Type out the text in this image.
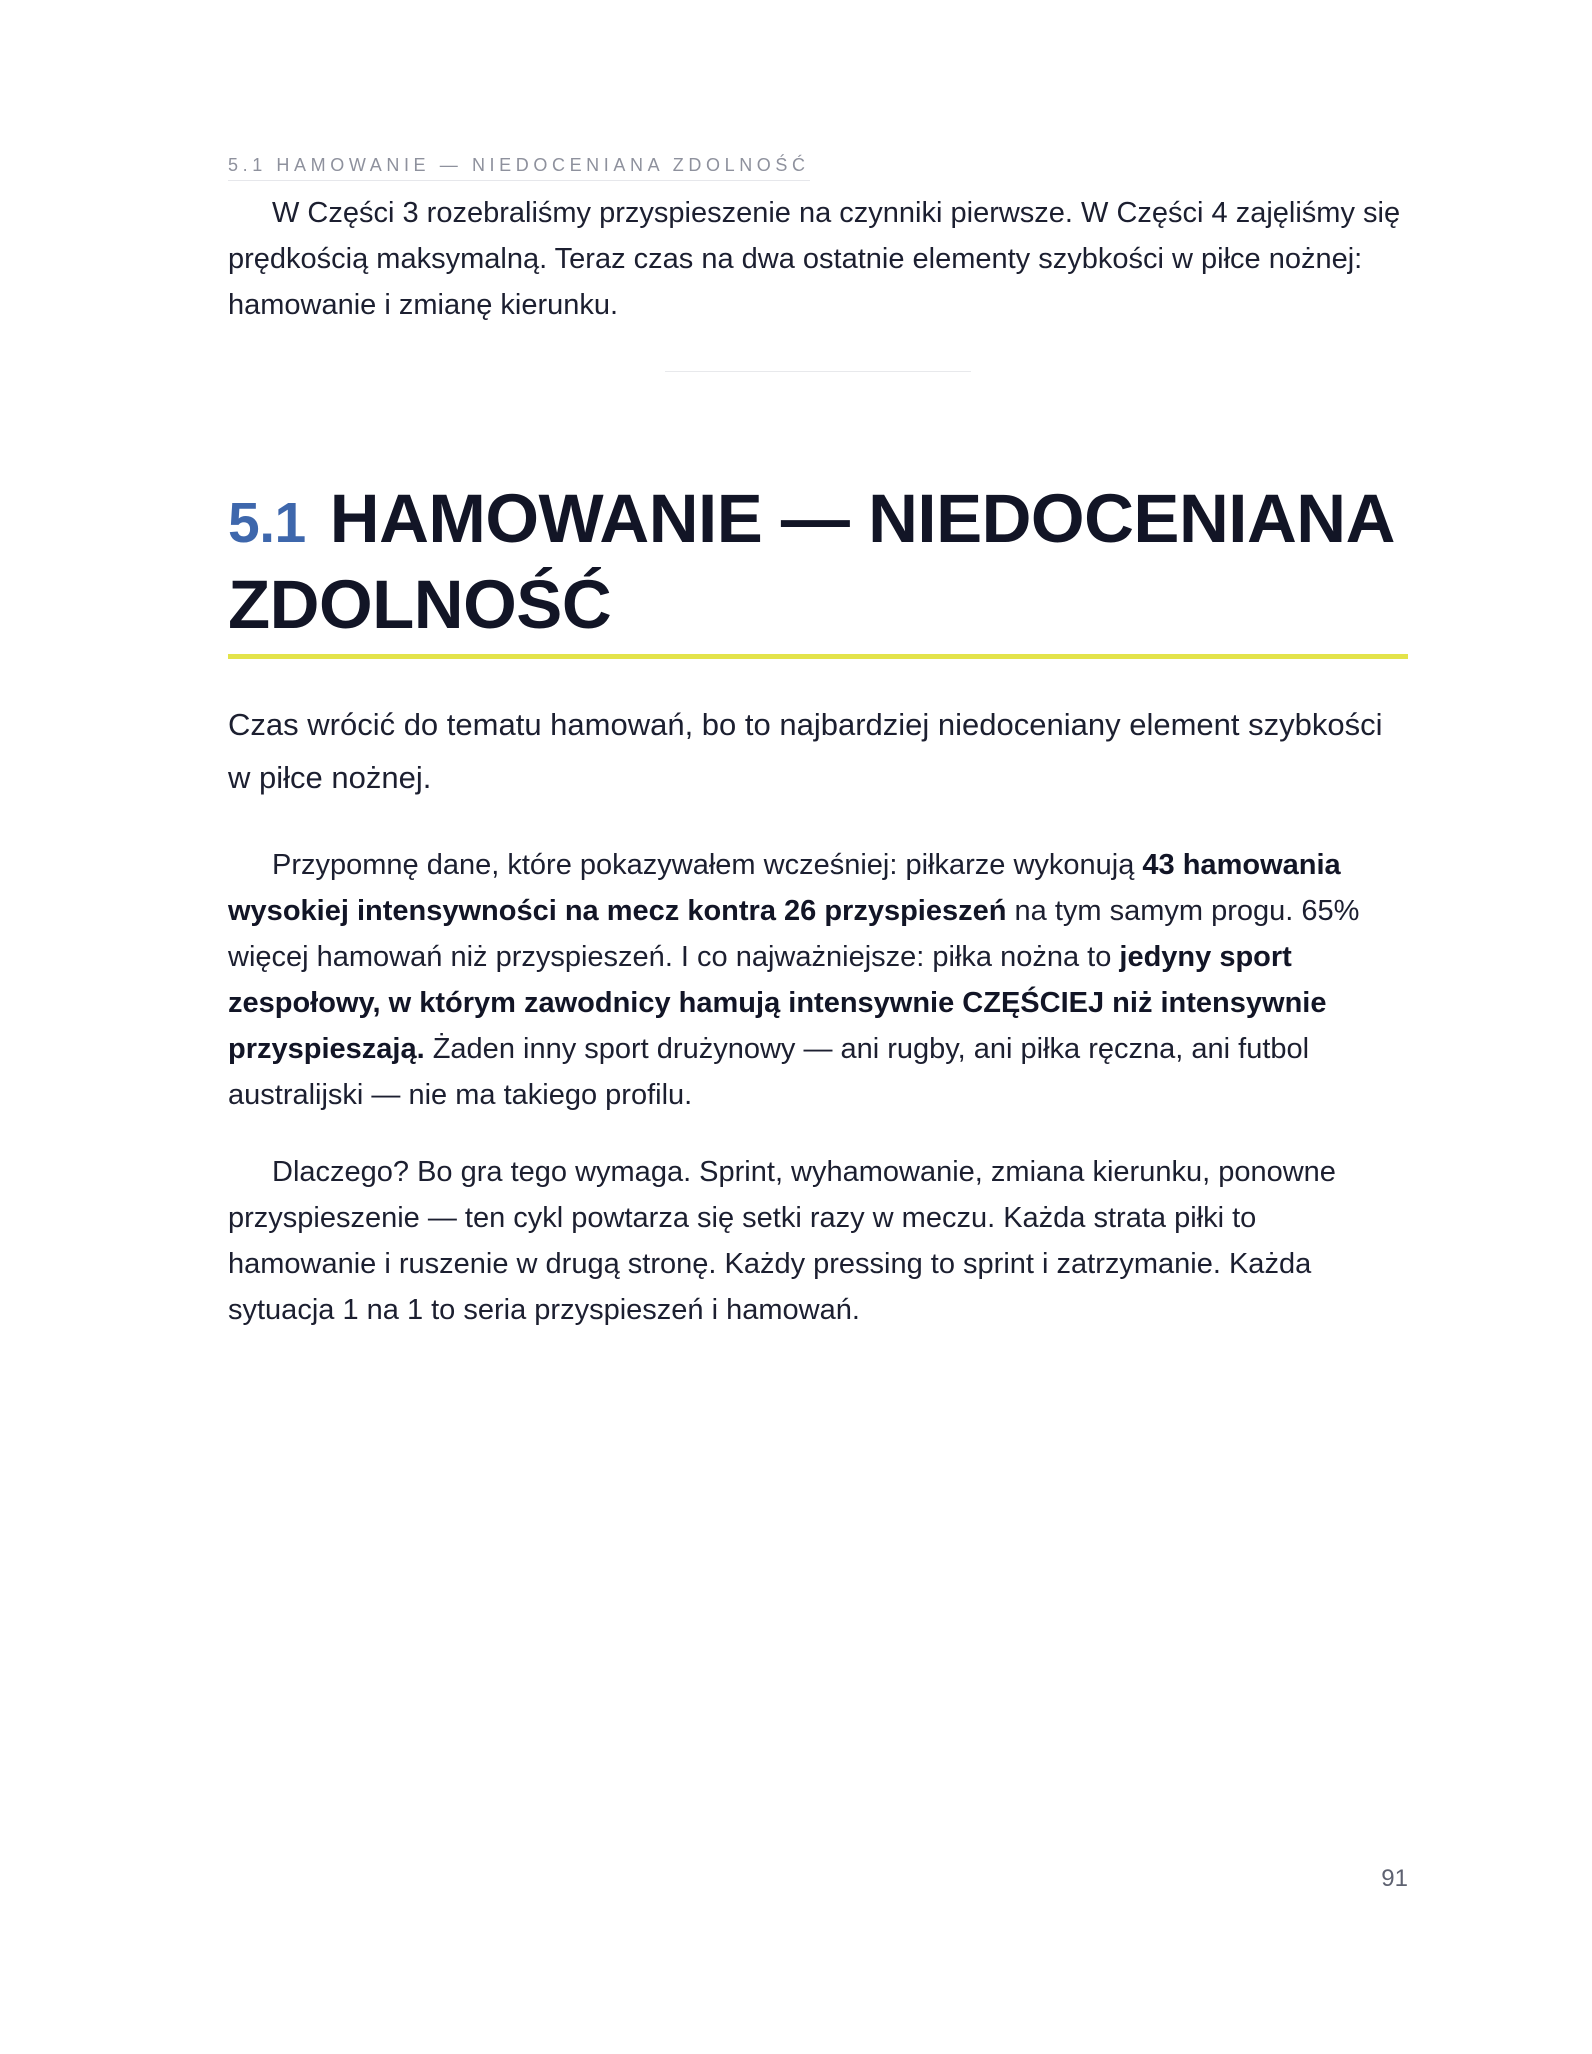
5.1 HAMOWANIE — NIEDOCENIANA ZDOLNOŚĆ

W Części 3 rozebraliśmy przyspieszenie na czynniki pierwsze. W Części 4 zajęliśmy się prędkością maksymalną. Teraz czas na dwa ostatnie elementy szybkości w piłce nożnej: hamowanie i zmianę kierunku.

5.1 HAMOWANIE — NIEDOCENIANA ZDOLNOŚĆ

Czas wrócić do tematu hamowań, bo to najbardziej niedoceniany element szybkości w piłce nożnej.

Przypomnę dane, które pokazywałem wcześniej: piłkarze wykonują 43 hamowania wysokiej intensywności na mecz kontra 26 przyspieszeń na tym samym progu. 65% więcej hamowań niż przyspieszeń. I co najważniejsze: piłka nożna to jedyny sport zespołowy, w którym zawodnicy hamują intensywnie CZĘŚCIEJ niż intensywnie przyspieszają. Żaden inny sport drużynowy — ani rugby, ani piłka ręczna, ani futbol australijski — nie ma takiego profilu.

Dlaczego? Bo gra tego wymaga. Sprint, wyhamowanie, zmiana kierunku, ponowne przyspieszenie — ten cykl powtarza się setki razy w meczu. Każda strata piłki to hamowanie i ruszenie w drugą stronę. Każdy pressing to sprint i zatrzymanie. Każda sytuacja 1 na 1 to seria przyspieszeń i hamowań.

91
